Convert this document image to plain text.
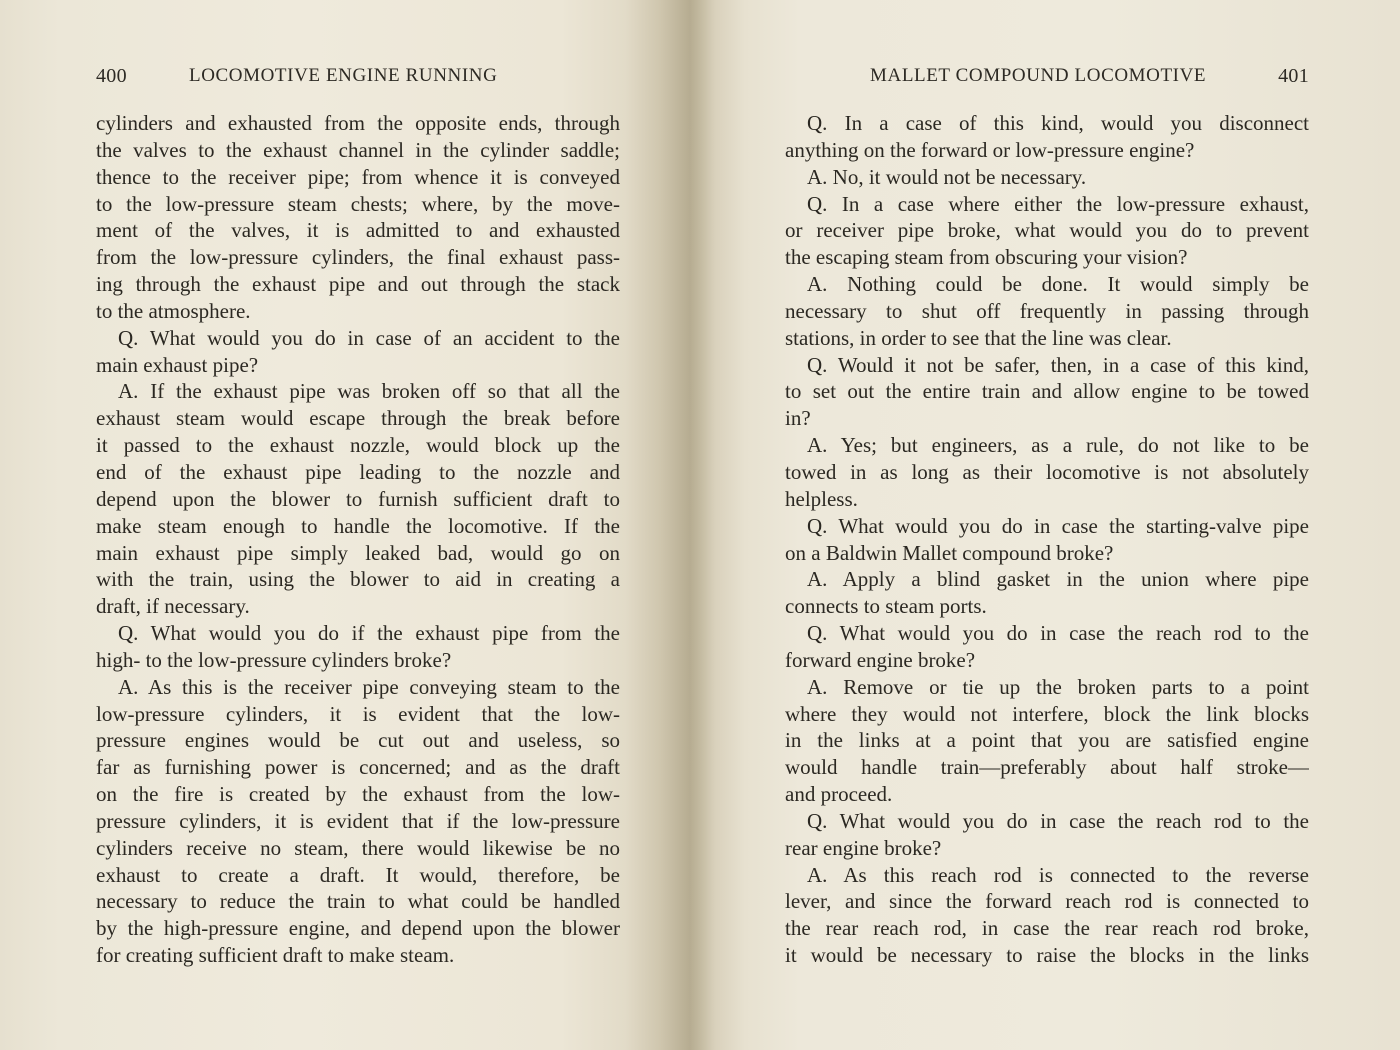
400	LOCOMOTIVE ENGINE RUNNING
cylinders and exhausted from the opposite ends, through
the valves to the exhaust channel in the cylinder saddle;
thence to the receiver pipe; from whence it is conveyed
to the low-pressure steam chests; where, by the move-
ment of the valves, it is admitted to and exhausted
from the low-pressure cylinders, the final exhaust pass-
ing through the exhaust pipe and out through the stack
to the atmosphere.
Q. What would you do in case of an accident to the
main exhaust pipe?
A. If the exhaust pipe was broken off so that all the
exhaust steam would escape through the break before
it passed to the exhaust nozzle, would block up the
end of the exhaust pipe leading to the nozzle and
depend upon the blower to furnish sufficient draft to
make steam enough to handle the locomotive. If the
main exhaust pipe simply leaked bad, would go on
with the train, using the blower to aid in creating a
draft, if necessary.
Q. What would you do if the exhaust pipe from the
high- to the low-pressure cylinders broke?
A. As this is the receiver pipe conveying steam to the
low-pressure cylinders, it is evident that the low-
pressure engines would be cut out and useless, so
far as furnishing power is concerned; and as the draft
on the fire is created by the exhaust from the low-
pressure cylinders, it is evident that if the low-pressure
cylinders receive no steam, there would likewise be no
exhaust to create a draft. It would, therefore, be
necessary to reduce the train to what could be handled
by the high-pressure engine, and depend upon the blower
for creating sufficient draft to make steam.
MALLET COMPOUND LOCOMOTIVE	401
Q. In a case of this kind, would you disconnect
anything on the forward or low-pressure engine?
A. No, it would not be necessary.
Q. In a case where either the low-pressure exhaust,
or receiver pipe broke, what would you do to prevent
the escaping steam from obscuring your vision?
A. Nothing could be done. It would simply be
necessary to shut off frequently in passing through
stations, in order to see that the line was clear.
Q. Would it not be safer, then, in a case of this kind,
to set out the entire train and allow engine to be towed
in?
A. Yes; but engineers, as a rule, do not like to be
towed in as long as their locomotive is not absolutely
helpless.
Q. What would you do in case the starting-valve pipe
on a Baldwin Mallet compound broke?
A. Apply a blind gasket in the union where pipe
connects to steam ports.
Q. What would you do in case the reach rod to the
forward engine broke?
A. Remove or tie up the broken parts to a point
where they would not interfere, block the link blocks
in the links at a point that you are satisfied engine
would handle train—preferably about half stroke—
and proceed.
Q. What would you do in case the reach rod to the
rear engine broke?
A. As this reach rod is connected to the reverse
lever, and since the forward reach rod is connected to
the rear reach rod, in case the rear reach rod broke,
it would be necessary to raise the blocks in the links
